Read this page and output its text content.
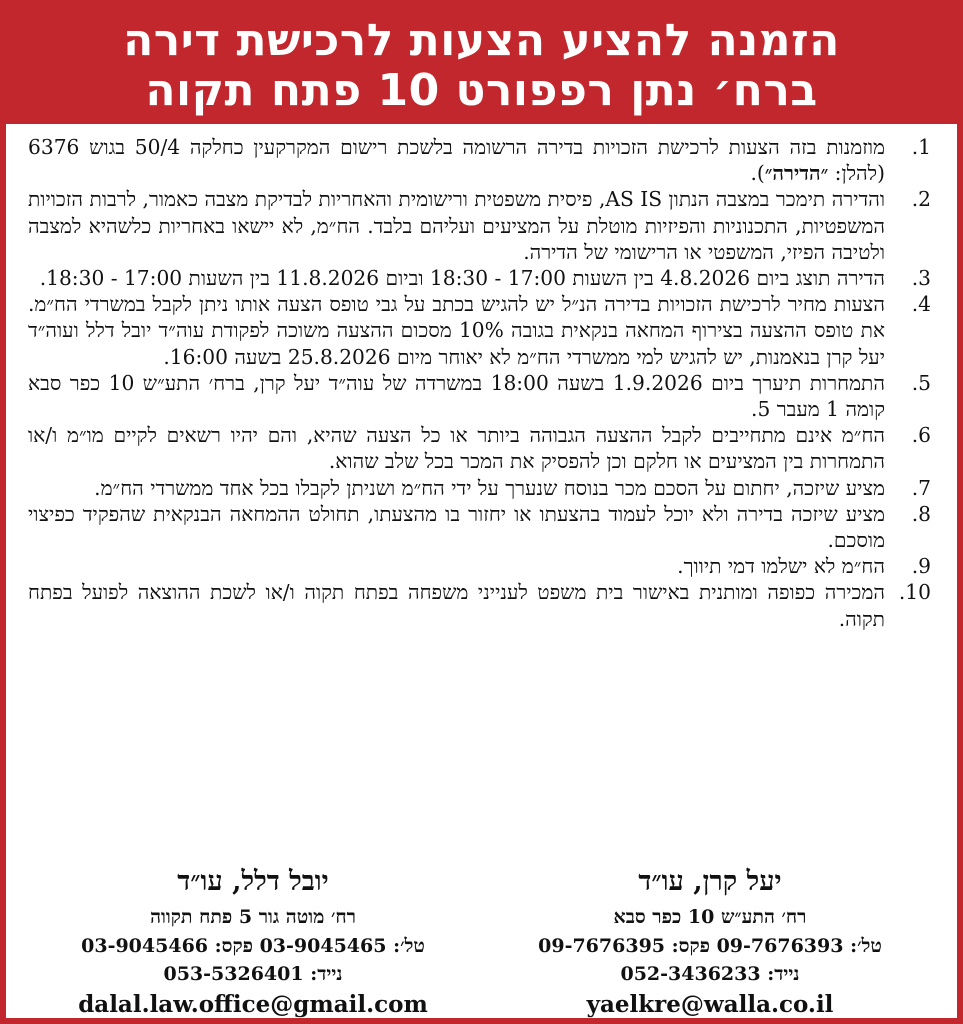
הזמנה להציע הצעות לרכישת דירה
ברח׳ נתן רפפורט 10 פתח תקוה
1 .
מוזמנות בזה הצעות לרכישת הזכויות בדירה הרשומה בלשכת רישום המקרקעין כחלקה 50/4 בגוש 6376 (להלן: ״הדירה״).
2 .
והדירה תימכר במצבה הנתון AS IS, פיסית משפטית ורישומית והאחריות לבדיקת מצבה כאמור, לרבות הזכויות המשפטיות, התכנוניות והפיזיות מוטלת על המציעים ועליהם בלבד. הח״מ, לא יישאו באחריות כלשהיא למצבה ולטיבה הפיזי, המשפטי או הרישומי של הדירה.
3 .
הדירה תוצג ביום 4.8.2026 בין השעות 17:00 - 18:30 וביום 11.8.2026 בין השעות 17:00 - 18:30.
4 .
הצעות מחיר לרכישת הזכויות בדירה הנ״ל יש להגיש בכתב על גבי טופס הצעה אותו ניתן לקבל במשרדי הח״מ. את טופס ההצעה בצירוף המחאה בנקאית בגובה 10% מסכום ההצעה משוכה לפקודת עוה״ד יובל דלל ועוה״ד יעל קרן בנאמנות, יש להגיש למי ממשרדי הח״מ לא יאוחר מיום 25.8.2026 בשעה 16:00.
5 .
התמחרות תיערך ביום 1.9.2026 בשעה 18:00 במשרדה של עוה״ד יעל קרן, ברח׳ התע״ש 10 כפר סבא קומה 1 מעבר 5.
6 .
הח״מ אינם מתחייבים לקבל ההצעה הגבוהה ביותר או כל הצעה שהיא, והם יהיו רשאים לקיים מו״מ ו/או התמחרות בין המציעים או חלקם וכן להפסיק את המכר בכל שלב שהוא.
7 .
מציע שיזכה, יחתום על הסכם מכר בנוסח שנערך על ידי הח״מ ושניתן לקבלו בכל אחד ממשרדי הח״מ.
8 .
מציע שיזכה בדירה ולא יוכל לעמוד בהצעתו או יחזור בו מהצעתו, תחולט ההמחאה הבנקאית שהפקיד כפיצוי מוסכם.
9 .
הח״מ לא ישלמו דמי תיווך.
10 .
המכירה כפופה ומותנית באישור בית משפט לענייני משפחה בפתח תקוה ו/או לשכת ההוצאה לפועל בפתח תקוה.
יעל קרן, עו״ד
רח׳ התע״ש 10 כפר סבא
טל׳: 09-7676393 פקס: 09-7676395
נייד: 052-3436233
yaelkre@walla.co.il
יובל דלל, עו״ד
רח׳ מוטה גור 5 פתח תקווה
טל׳: 03-9045465 פקס: 03-9045466
נייד: 053-5326401
dalal.law.office@gmail.com
